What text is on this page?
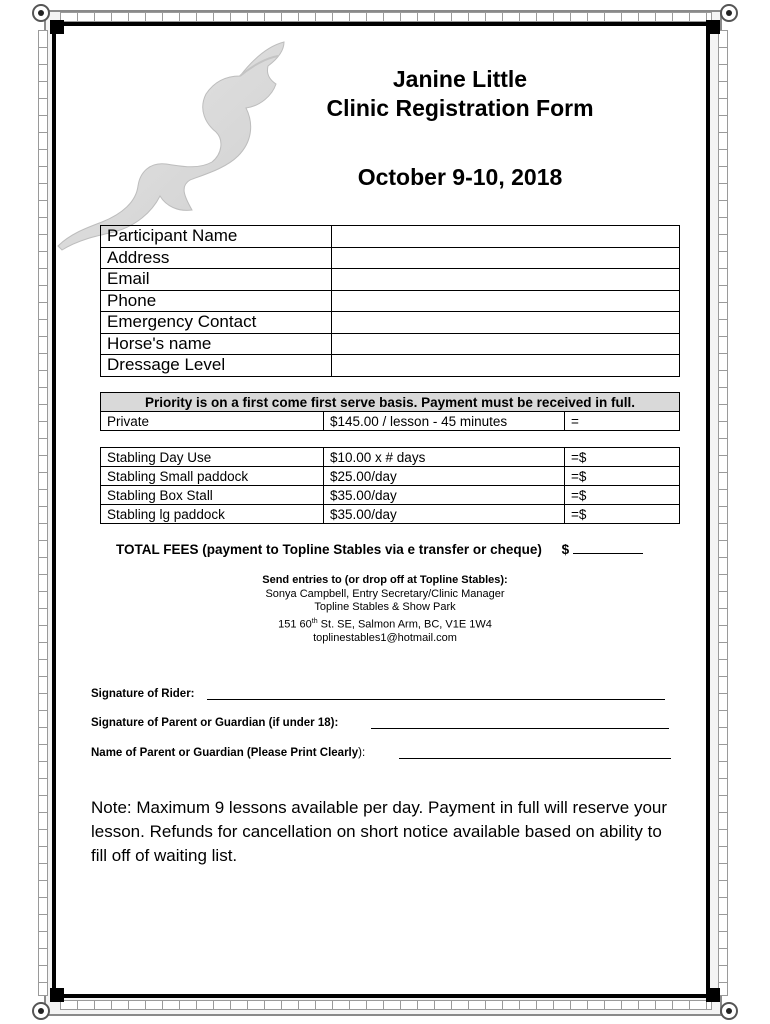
Janine Little
Clinic Registration Form
October 9-10, 2018
Participant Name	
Address	
Email	
Phone	
Emergency Contact	
Horse's name	
Dressage Level	
Priority is on a first come first serve basis. Payment must be received in full.
Private	$145.00 / lesson - 45 minutes	=
Stabling Day Use	$10.00 x # days	=$
Stabling Small paddock	$25.00/day	=$
Stabling Box Stall	$35.00/day	=$
Stabling lg paddock	$35.00/day	=$
TOTAL FEES (payment to Topline Stables via e transfer or cheque) $
Send entries to (or drop off at Topline Stables):
Sonya Campbell, Entry Secretary/Clinic Manager
Topline Stables & Show Park
151 60th St. SE, Salmon Arm, BC, V1E 1W4
toplinestables1@hotmail.com
Signature of Rider:
Signature of Parent or Guardian (if under 18):
Name of Parent or Guardian (Please Print Clearly):
Note: Maximum 9 lessons available per day. Payment in full will reserve your lesson. Refunds for cancellation on short notice available based on ability to fill off of waiting list.
